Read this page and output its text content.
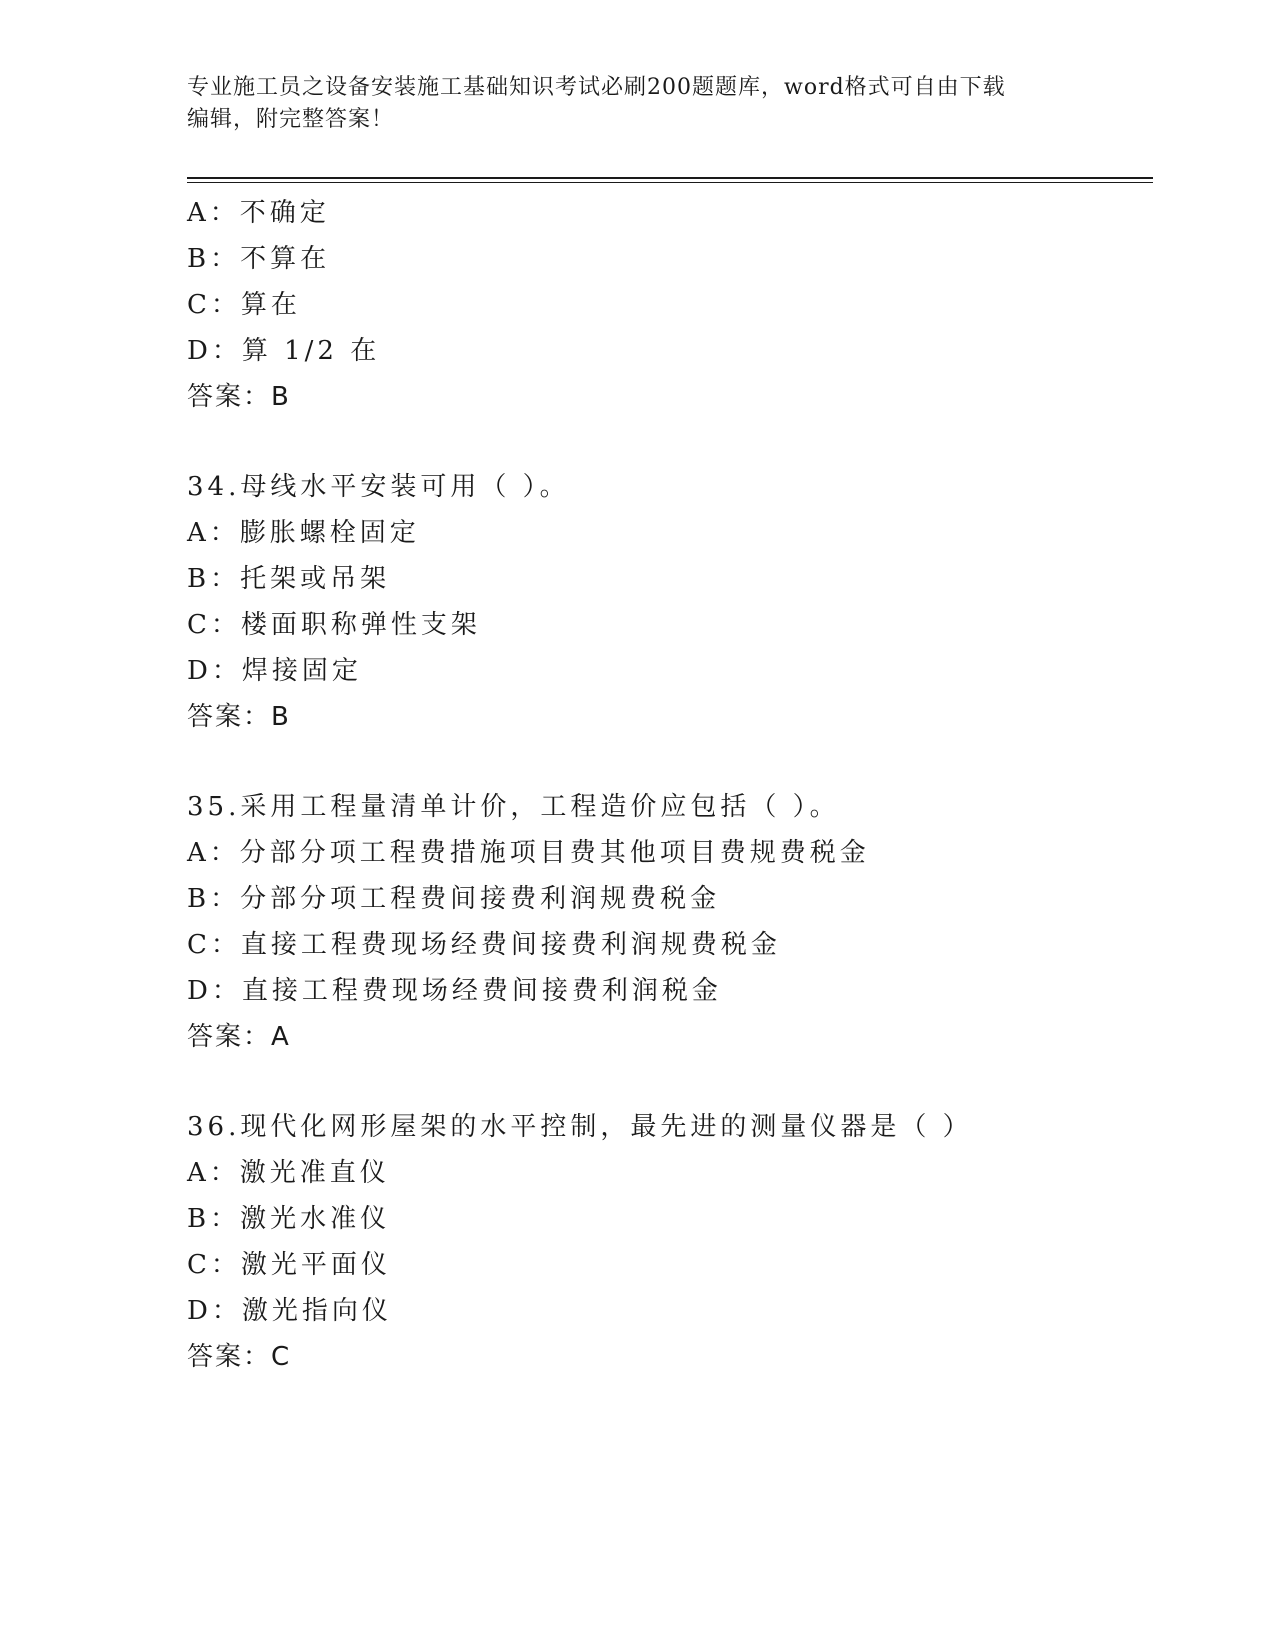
专业施工员之设备安装施工基础知识考试必刷200题题库，word格式可自由下载
编辑，附完整答案！
A：不确定
B：不算在
C：算在
D：算 1/2 在
答案：B
34.母线水平安装可用（ ）。
A：膨胀螺栓固定
B：托架或吊架
C：楼面职称弹性支架
D：焊接固定
答案：B
35.采用工程量清单计价，工程造价应包括（ ）。
A：分部分项工程费措施项目费其他项目费规费税金
B：分部分项工程费间接费利润规费税金
C：直接工程费现场经费间接费利润规费税金
D：直接工程费现场经费间接费利润税金
答案：A
36.现代化网形屋架的水平控制，最先进的测量仪器是（ ）
A：激光准直仪
B：激光水准仪
C：激光平面仪
D：激光指向仪
答案：C
